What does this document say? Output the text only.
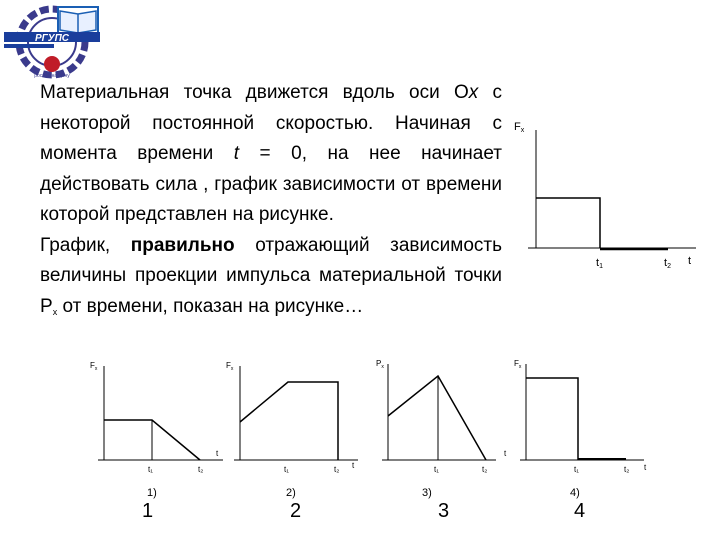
РГУПС
ростов-на-дону

Материальная точка движется вдоль оси Ox с некоторой постоянной скоростью. Начиная с момента времени t = 0, на нее начинает действовать сила , график зависимости от времени которой представлен на рисунке.

График, правильно отражающий зависимость величины проекции импульса материальной точки $P_x$ от времени, показан на рисунке…

Fx
t
t1	t2
$F_x$
t₁	t₂
t
1)
1
$F_x$
t₁	t₂ t
2)
2
$P_x$
t₁	t₂
t
3)
3
$F_x$
t₁	t₂ t
4)
4
